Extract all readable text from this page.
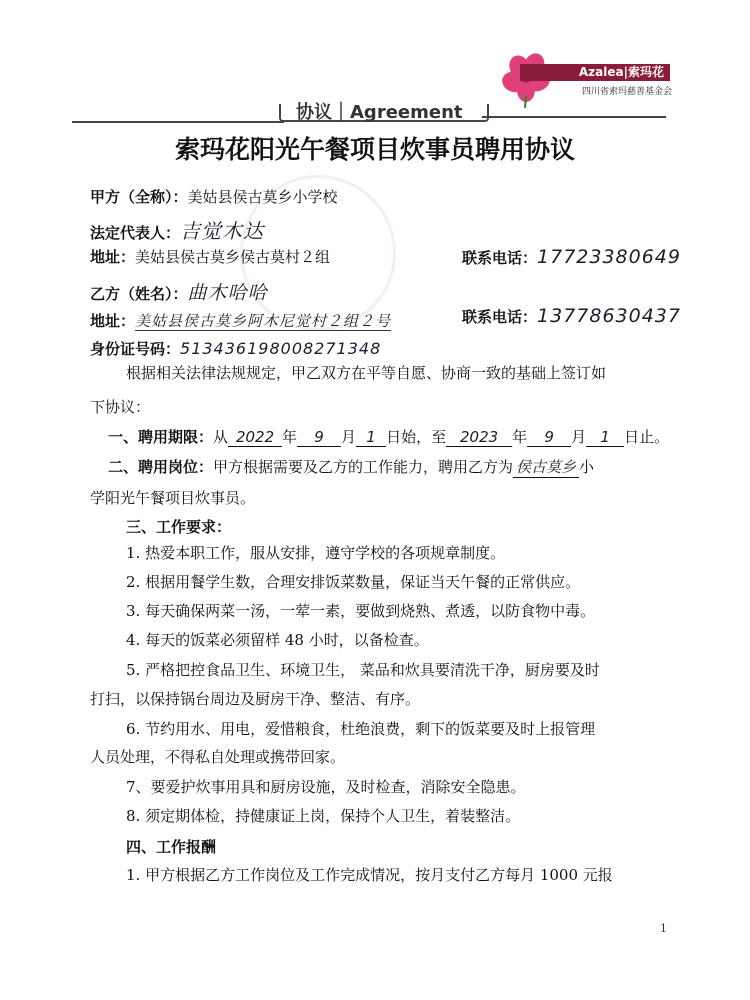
Azalea|索玛花
四川省索玛慈善基金会
协议｜Agreement
索玛花阳光午餐项目炊事员聘用协议
甲方（全称）：美姑县侯古莫乡小学校
法定代表人：吉觉木达
地址：美姑县侯古莫乡侯古莫村２组	联系电话：17723380649
乙方（姓名）：曲木哈哈
地址：美姑县侯古莫乡阿木尼觉村２组２号	联系电话：13778630437
身份证号码：513436198008271348
根据相关法律法规规定，甲乙双方在平等自愿、协商一致的基础上签订如
下协议：
一、聘用期限：从 2022 年 9 月 1 日始，至 2023 年 9 月 1 日止。
二、聘用岗位：甲方根据需要及乙方的工作能力，聘用乙方为 侯古莫乡 小
学阳光午餐项目炊事员。
三、工作要求：
1. 热爱本职工作，服从安排，遵守学校的各项规章制度。
2. 根据用餐学生数，合理安排饭菜数量，保证当天午餐的正常供应。
3. 每天确保两菜一汤，一荤一素，要做到烧熟、煮透，以防食物中毒。
4. 每天的饭菜必须留样 48 小时，以备检查。
5. 严格把控食品卫生、环境卫生， 菜品和炊具要清洗干净，厨房要及时
打扫，以保持锅台周边及厨房干净、整洁、有序。
6. 节约用水、用电，爱惜粮食，杜绝浪费，剩下的饭菜要及时上报管理
人员处理，不得私自处理或携带回家。
7、要爱护炊事用具和厨房设施，及时检查，消除安全隐患。
8. 须定期体检，持健康证上岗，保持个人卫生，着装整洁。
四、工作报酬
1. 甲方根据乙方工作岗位及工作完成情况，按月支付乙方每月 1000 元报
1
